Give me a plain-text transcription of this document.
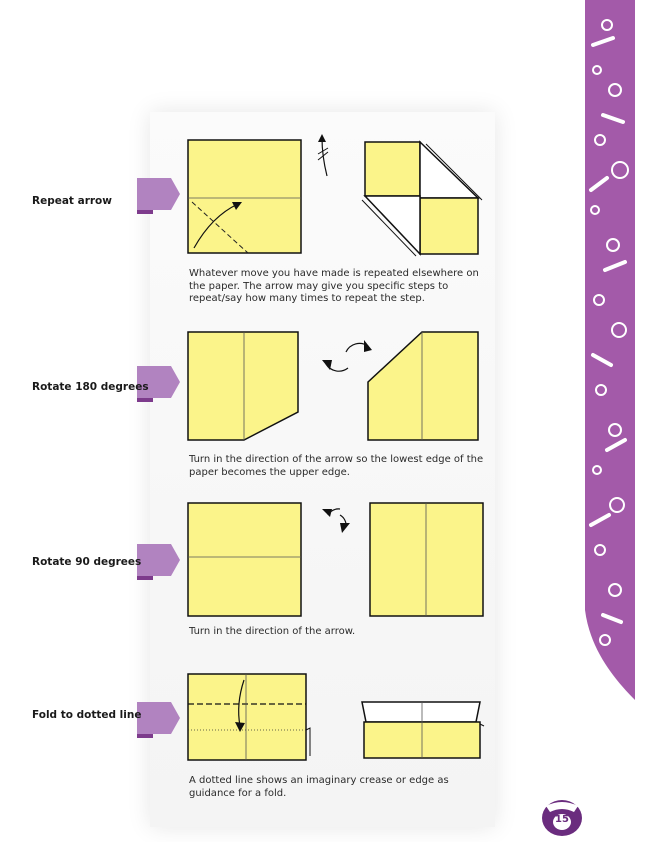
Repeat arrow
Whatever move you have made is repeated elsewhere on the paper. The arrow may give you specific steps to repeat/say how many times to repeat the step.
Rotate 180 degrees
Turn in the direction of the arrow so the lowest edge of the paper becomes the upper edge.
Rotate 90 degrees
Turn in the direction of the arrow.
Fold to dotted line
A dotted line shows an imaginary crease or edge as guidance for a fold.
15
